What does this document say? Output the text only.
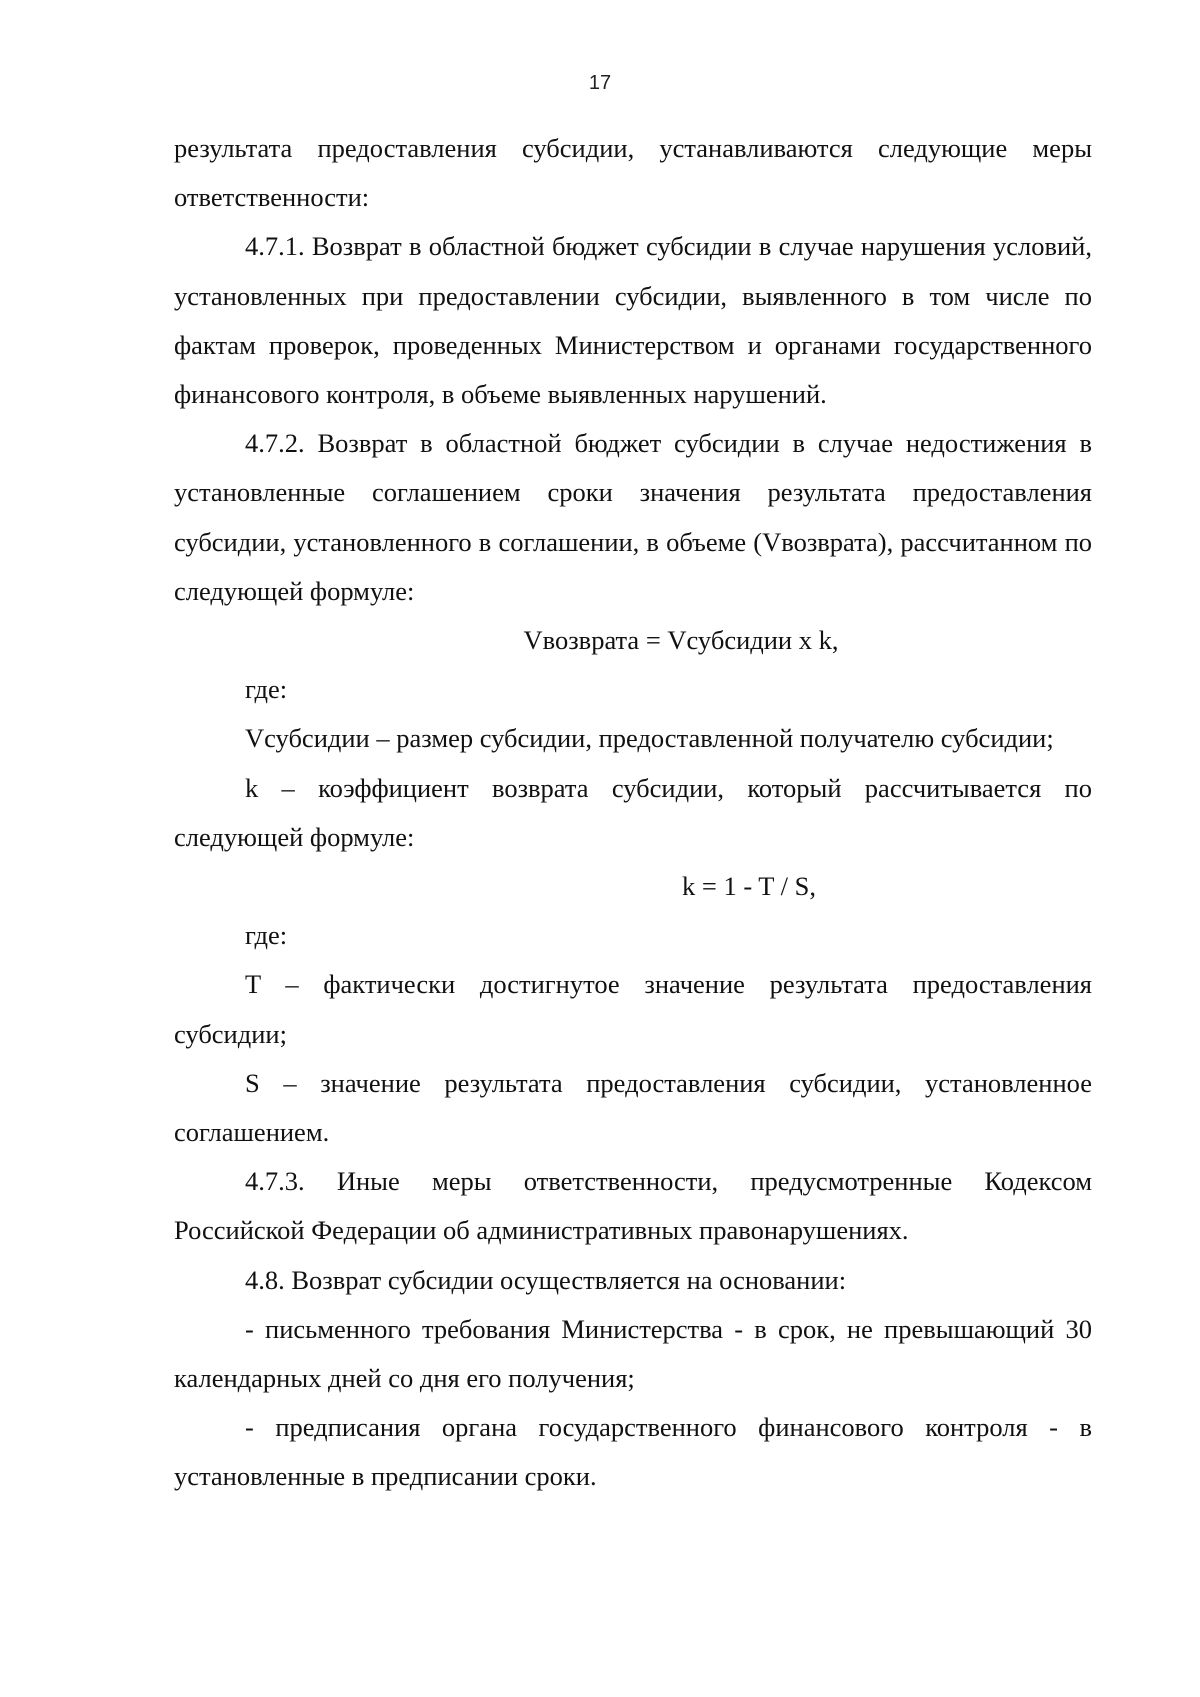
17

результата предоставления субсидии, устанавливаются следующие меры ответственности:

4.7.1. Возврат в областной бюджет субсидии в случае нарушения условий, установленных при предоставлении субсидии, выявленного в том числе по фактам проверок, проведенных Министерством и органами государственного финансового контроля, в объеме выявленных нарушений.

4.7.2. Возврат в областной бюджет субсидии в случае недостижения в установленные соглашением сроки значения результата предоставления субсидии, установленного в соглашении, в объеме (Vвозврата), рассчитанном по следующей формуле:

Vвозврата = Vсубсидии x k,

где:

Vсубсидии – размер субсидии, предоставленной получателю субсидии;

k – коэффициент возврата субсидии, который рассчитывается по следующей формуле:

k = 1 - T / S,

где:

T – фактически достигнутое значение результата предоставления субсидии;

S – значение результата предоставления субсидии, установленное соглашением.

4.7.3. Иные меры ответственности, предусмотренные Кодексом Российской Федерации об административных правонарушениях.

4.8. Возврат субсидии осуществляется на основании:

- письменного требования Министерства - в срок, не превышающий 30 календарных дней со дня его получения;

- предписания органа государственного финансового контроля - в установленные в предписании сроки.
